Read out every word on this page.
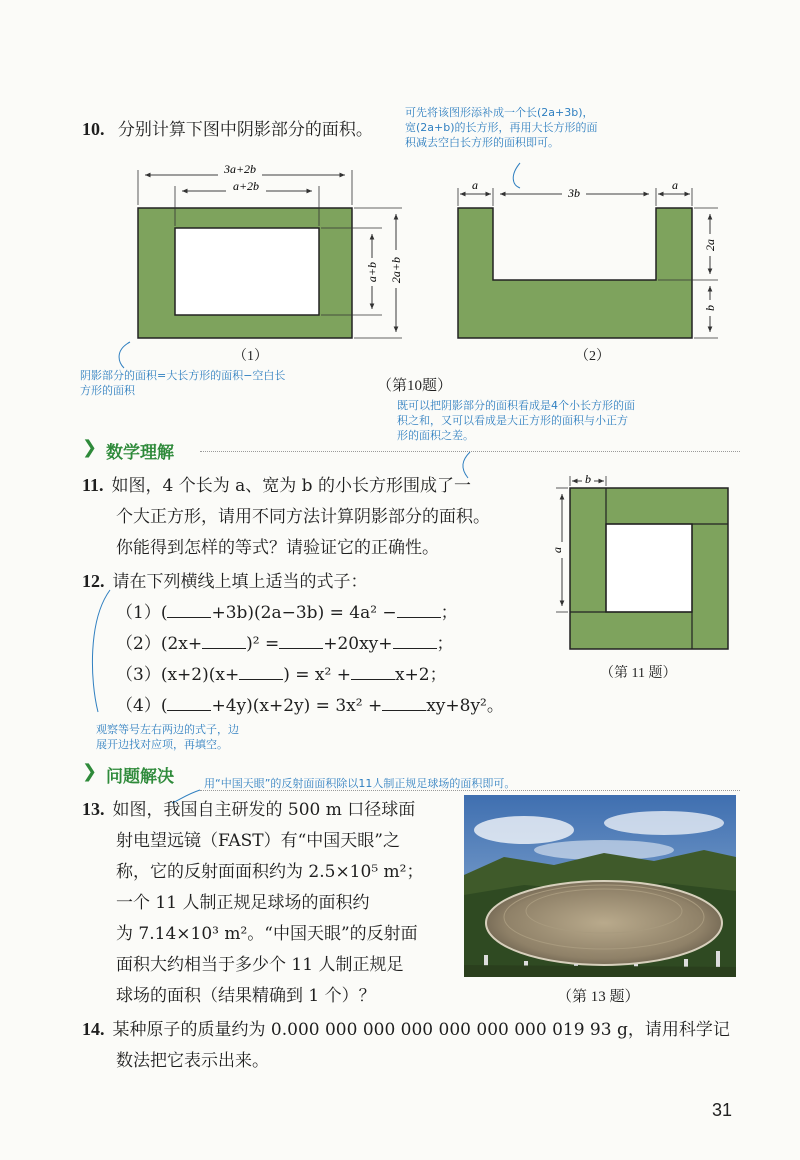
10. 分别计算下图中阴影部分的面积。
可先将该图形添补成一个长(2a+3b)，
宽(2a+b)的长方形，再用大长方形的面
积减去空白长方形的面积即可。
3a+2b
a+2b
a+b 2a+b
（1）
a
3b
a
2a
b
（2）
阴影部分的面积=大长方形的面积−空白长
方形的面积	（第10题）
既可以把阴影部分的面积看成是4个小长方形的面
积之和，又可以看成是大正方形的面积与小正方
形的面积之差。
❯ 数学理解
11. 如图，4 个长为 a、宽为 b 的小长方形围成了一
个大正方形，请用不同方法计算阴影部分的面积。
你能得到怎样的等式？请验证它的正确性。
b
a
（第 11 题）
12. 请在下列横线上填上适当的式子：
（1）(	+3b)(2a−3b) = 4a² −	；
（2）(2x+	)² =	+20xy+	；
（3）(x+2)(x+	) = x² +	x+2；
（4）(	+4y)(x+2y) = 3x² +	xy+8y²。
观察等号左右两边的式子，边
展开边找对应项，再填空。
❯ 问题解决	用“中国天眼”的反射面面积除以11人制正规足球场的面积即可。
13. 如图，我国自主研发的 500 m 口径球面
射电望远镜（FAST）有“中国天眼”之
称，它的反射面面积约为 2.5×10⁵ m²；
一个 11 人制正规足球场的面积约
为 7.14×10³ m²。“中国天眼”的反射面
面积大约相当于多少个 11 人制正规足
球场的面积（结果精确到 1 个）？	（第 13 题）
14. 某种原子的质量约为 0.000 000 000 000 000 000 000 019 93 g，请用科学记
数法把它表示出来。
31
